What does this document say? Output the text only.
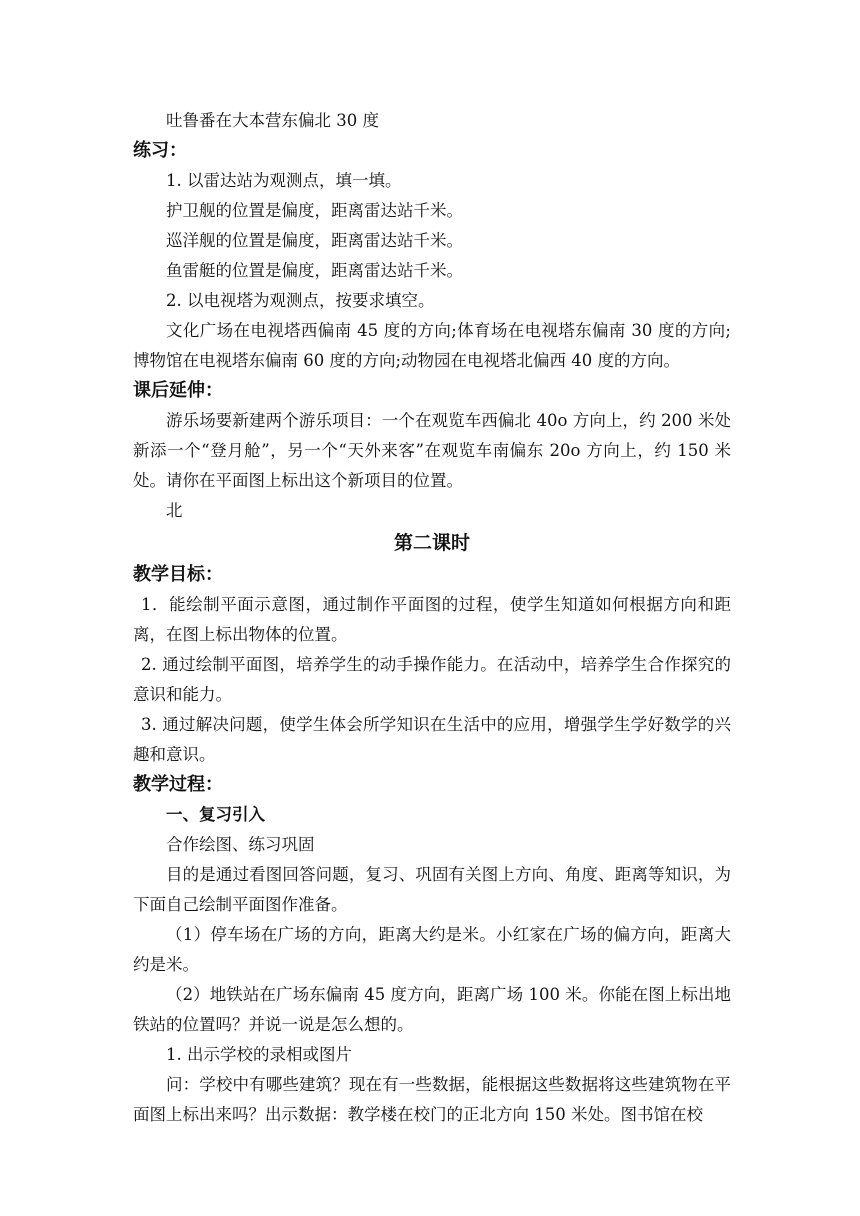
吐鲁番在大本营东偏北 30 度

练习：

1. 以雷达站为观测点，填一填。

护卫舰的位置是偏度，距离雷达站千米。

巡洋舰的位置是偏度，距离雷达站千米。

鱼雷艇的位置是偏度，距离雷达站千米。

2. 以电视塔为观测点，按要求填空。

文化广场在电视塔西偏南 45 度的方向;体育场在电视塔东偏南 30 度的方向;博物馆在电视塔东偏南 60 度的方向;动物园在电视塔北偏西 40 度的方向。

课后延伸：

游乐场要新建两个游乐项目：一个在观览车西偏北 40o 方向上，约 200 米处新添一个“登月舱”，另一个“天外来客”在观览车南偏东 20o 方向上，约 150 米处。请你在平面图上标出这个新项目的位置。

北

第二课时
教学目标：

1．能绘制平面示意图，通过制作平面图的过程，使学生知道如何根据方向和距离，在图上标出物体的位置。

2. 通过绘制平面图，培养学生的动手操作能力。在活动中，培养学生合作探究的意识和能力。

3. 通过解决问题，使学生体会所学知识在生活中的应用，增强学生学好数学的兴趣和意识。

教学过程：

一、复习引入

合作绘图、练习巩固

目的是通过看图回答问题，复习、巩固有关图上方向、角度、距离等知识，为下面自己绘制平面图作准备。

（1）停车场在广场的方向，距离大约是米。小红家在广场的偏方向，距离大约是米。

（2）地铁站在广场东偏南 45 度方向，距离广场 100 米。你能在图上标出地铁站的位置吗？并说一说是怎么想的。

1. 出示学校的录相或图片

问：学校中有哪些建筑？现在有一些数据，能根据这些数据将这些建筑物在平面图上标出来吗？出示数据：教学楼在校门的正北方向 150 米处。图书馆在校
